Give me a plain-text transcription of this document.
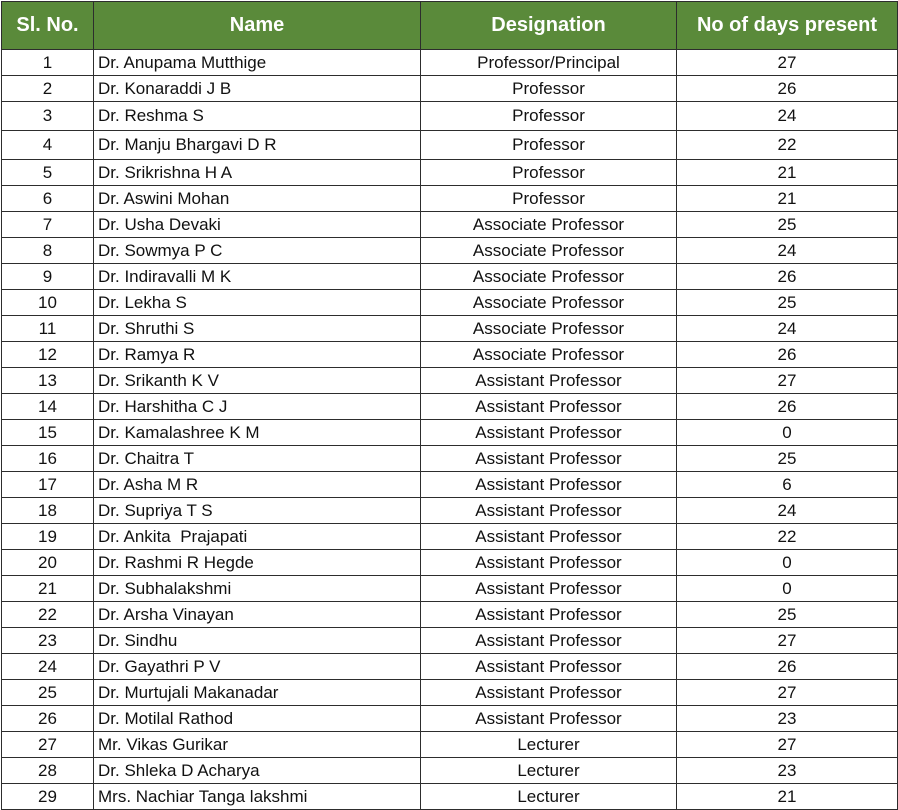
Sl. No.	Name	Designation	No of days present
1	Dr. Anupama Mutthige	Professor/Principal	27
2	Dr. Konaraddi J B	Professor	26
3	Dr. Reshma S	Professor	24
4	Dr. Manju Bhargavi D R	Professor	22
5	Dr. Srikrishna H A	Professor	21
6	Dr. Aswini Mohan	Professor	21
7	Dr. Usha Devaki	Associate Professor	25
8	Dr. Sowmya P C	Associate Professor	24
9	Dr. Indiravalli M K	Associate Professor	26
10	Dr. Lekha S	Associate Professor	25
11	Dr. Shruthi S	Associate Professor	24
12	Dr. Ramya R	Associate Professor	26
13	Dr. Srikanth K V	Assistant Professor	27
14	Dr. Harshitha C J	Assistant Professor	26
15	Dr. Kamalashree K M	Assistant Professor	0
16	Dr. Chaitra T	Assistant Professor	25
17	Dr. Asha M R	Assistant Professor	6
18	Dr. Supriya T S	Assistant Professor	24
19	Dr. Ankita  Prajapati	Assistant Professor	22
20	Dr. Rashmi R Hegde	Assistant Professor	0
21	Dr. Subhalakshmi	Assistant Professor	0
22	Dr. Arsha Vinayan	Assistant Professor	25
23	Dr. Sindhu	Assistant Professor	27
24	Dr. Gayathri P V	Assistant Professor	26
25	Dr. Murtujali Makanadar	Assistant Professor	27
26	Dr. Motilal Rathod	Assistant Professor	23
27	Mr. Vikas Gurikar	Lecturer	27
28	Dr. Shleka D Acharya	Lecturer	23
29	Mrs. Nachiar Tanga lakshmi	Lecturer	21
